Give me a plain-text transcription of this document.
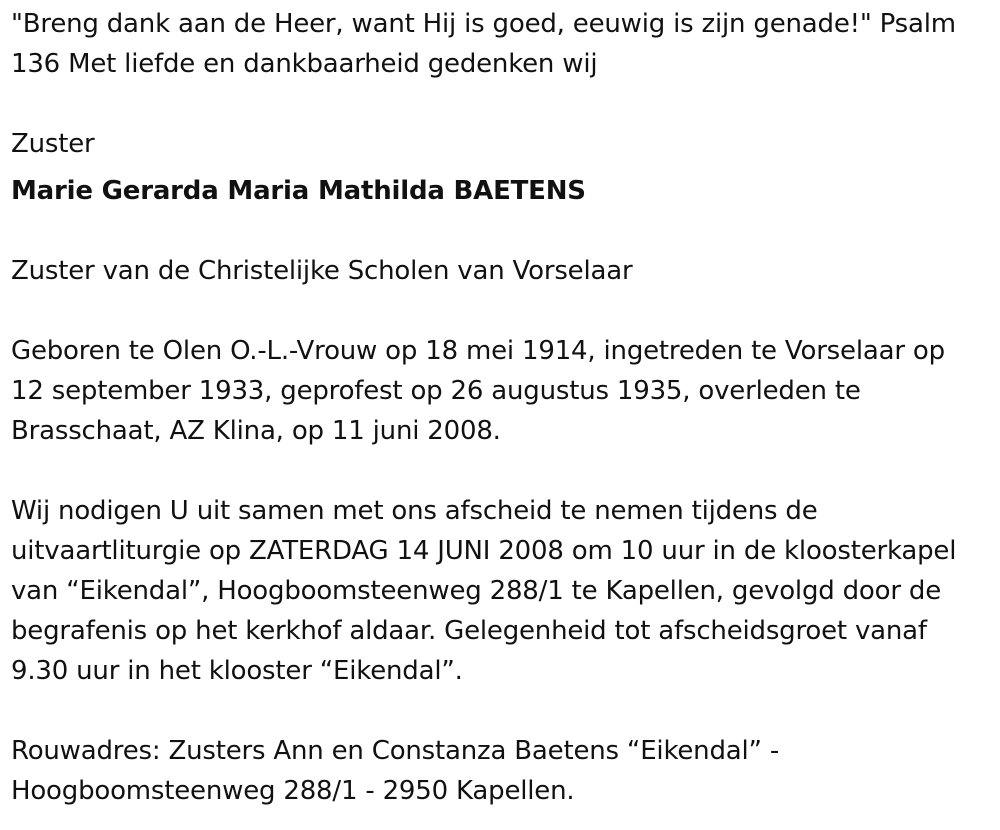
"Breng dank aan de Heer, want Hij is goed, eeuwig is zijn genade!" Psalm

136 Met liefde en dankbaarheid gedenken wij

Zuster

Marie Gerarda Maria Mathilda BAETENS

Zuster van de Christelijke Scholen van Vorselaar

Geboren te Olen O.-L.-Vrouw op 18 mei 1914, ingetreden te Vorselaar op

12 september 1933, geprofest op 26 augustus 1935, overleden te

Brasschaat, AZ Klina, op 11 juni 2008.

Wij nodigen U uit samen met ons afscheid te nemen tijdens de

uitvaartliturgie op ZATERDAG 14 JUNI 2008 om 10 uur in de kloosterkapel

van “Eikendal”, Hoogboomsteenweg 288/1 te Kapellen, gevolgd door de

begrafenis op het kerkhof aldaar. Gelegenheid tot afscheidsgroet vanaf

9.30 uur in het klooster “Eikendal”.

Rouwadres: Zusters Ann en Constanza Baetens “Eikendal” -

Hoogboomsteenweg 288/1 - 2950 Kapellen.
